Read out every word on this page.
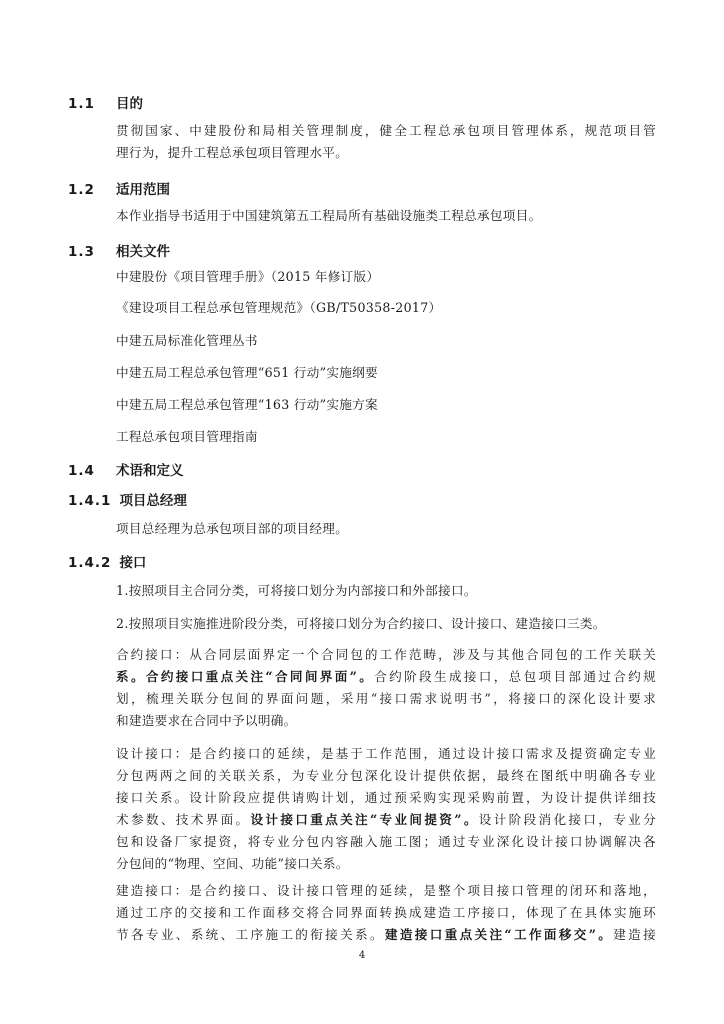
1.1 目的
贯彻国家、中建股份和局相关管理制度，健全工程总承包项目管理体系，规范项目管
理行为，提升工程总承包项目管理水平。
1.2 适用范围
本作业指导书适用于中国建筑第五工程局所有基础设施类工程总承包项目。
1.3 相关文件
中建股份《项目管理手册》（2015 年修订版）
《建设项目工程总承包管理规范》（GB/T50358-2017）
中建五局标准化管理丛书
中建五局工程总承包管理“651 行动”实施纲要
中建五局工程总承包管理“163 行动”实施方案
工程总承包项目管理指南
1.4 术语和定义
1.4.1 项目总经理
项目总经理为总承包项目部的项目经理。
1.4.2 接口
1.按照项目主合同分类，可将接口划分为内部接口和外部接口。
2.按照项目实施推进阶段分类，可将接口划分为合约接口、设计接口、建造接口三类。
合约接口：从合同层面界定一个合同包的工作范畴，涉及与其他合同包的工作关联关
系。合约接口重点关注“合同间界面”。合约阶段生成接口，总包项目部通过合约规
划，梳理关联分包间的界面问题，采用“接口需求说明书”，将接口的深化设计要求
和建造要求在合同中予以明确。
设计接口：是合约接口的延续，是基于工作范围，通过设计接口需求及提资确定专业
分包两两之间的关联关系，为专业分包深化设计提供依据，最终在图纸中明确各专业
接口关系。设计阶段应提供请购计划，通过预采购实现采购前置，为设计提供详细技
术参数、技术界面。设计接口重点关注“专业间提资”。设计阶段消化接口，专业分
包和设备厂家提资，将专业分包内容融入施工图；通过专业深化设计接口协调解决各
分包间的“物理、空间、功能”接口关系。
建造接口：是合约接口、设计接口管理的延续，是整个项目接口管理的闭环和落地，
通过工序的交接和工作面移交将合同界面转换成建造工序接口，体现了在具体实施环
节各专业、系统、工序施工的衔接关系。建造接口重点关注“工作面移交”。建造接
4
